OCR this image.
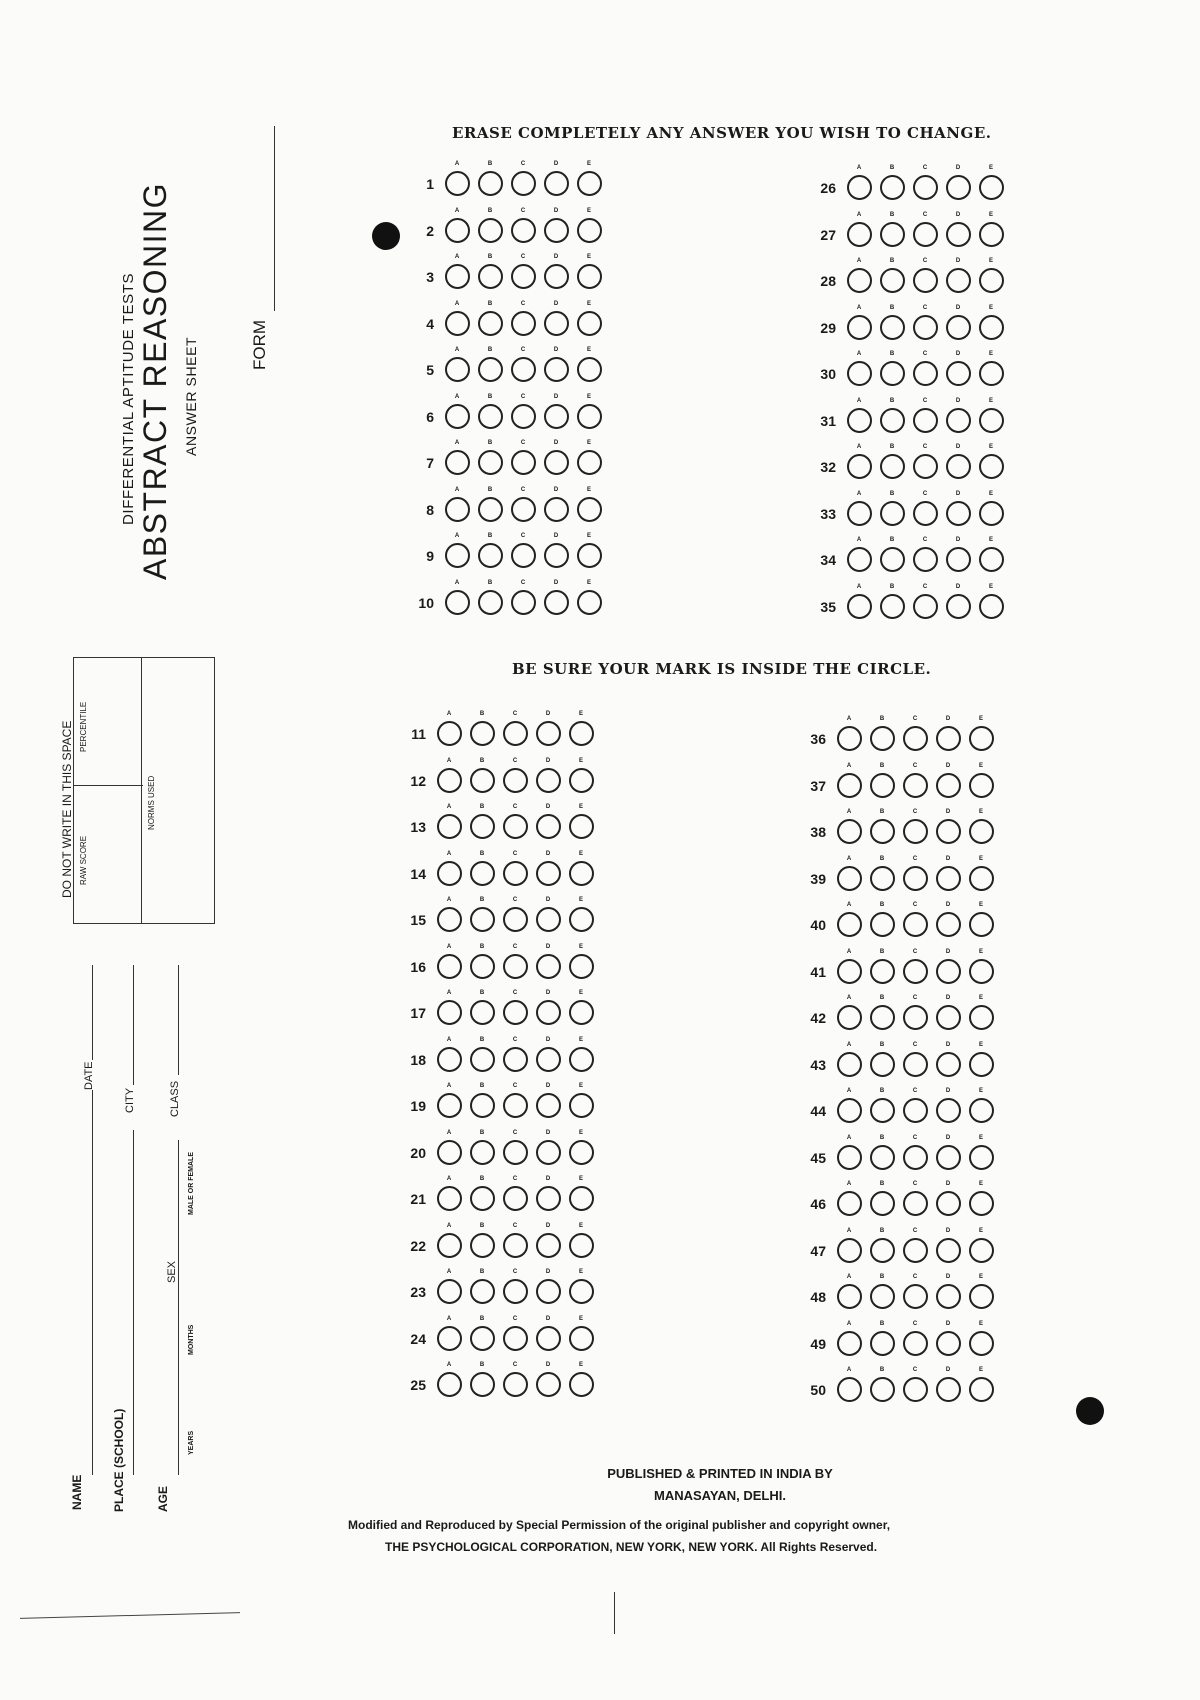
DIFFERENTIAL APTITUDE TESTS ABSTRACT REASONING ANSWER SHEET	FORM
DO NOT WRITE IN THIS SPACE RAW SCORE
PERCENTILE
NORMS USED
NAME
DATE
PLACE (SCHOOL)
CITY
AGE
YEARS
MONTHS
SEX
MALE OR FEMALE
CLASS
ERASE COMPLETELY ANY ANSWER YOU WISH TO CHANGE.
BE SURE YOUR MARK IS INSIDE THE CIRCLE.
1
A	B	C	D	E
2
A	B	C	D	E
3
A	B	C	D	E
4
A	B	C	D	E
5
A	B	C	D	E
6
A	B	C	D	E
7
A	B	C	D	E
8
A	B	C	D	E
9
A	B	C	D	E
10
A	B	C	D	E
26
A	B	C	D	E
27
A	B	C	D	E
28
A	B	C	D	E
29
A	B	C	D	E
30
A	B	C	D	E
31
A	B	C	D	E
32
A	B	C	D	E
33
A	B	C	D	E
34
A	B	C	D	E
35
A	B	C	D	E
11
A	B	C	D	E
12
A	B	C	D	E
13
A	B	C	D	E
14
A	B	C	D	E
15
A	B	C	D	E
16
A	B	C	D	E
17
A	B	C	D	E
18
A	B	C	D	E
19
A	B	C	D	E
20
A	B	C	D	E
21
A	B	C	D	E
22
A	B	C	D	E
23
A	B	C	D	E
24
A	B	C	D	E
25
A	B	C	D	E
36
A	B	C	D	E
37
A	B	C	D	E
38
A	B	C	D	E
39
A	B	C	D	E
40
A	B	C	D	E
41
A	B	C	D	E
42
A	B	C	D	E
43
A	B	C	D	E
44
A	B	C	D	E
45
A	B	C	D	E
46
A	B	C	D	E
47
A	B	C	D	E
48
A	B	C	D	E
49
A	B	C	D	E
50
A	B	C	D	E
PUBLISHED & PRINTED IN INDIA BY
MANASAYAN, DELHI.
Modified and Reproduced by Special Permission of the original publisher and copyright owner,
THE PSYCHOLOGICAL CORPORATION, NEW YORK, NEW YORK. All Rights Reserved.
